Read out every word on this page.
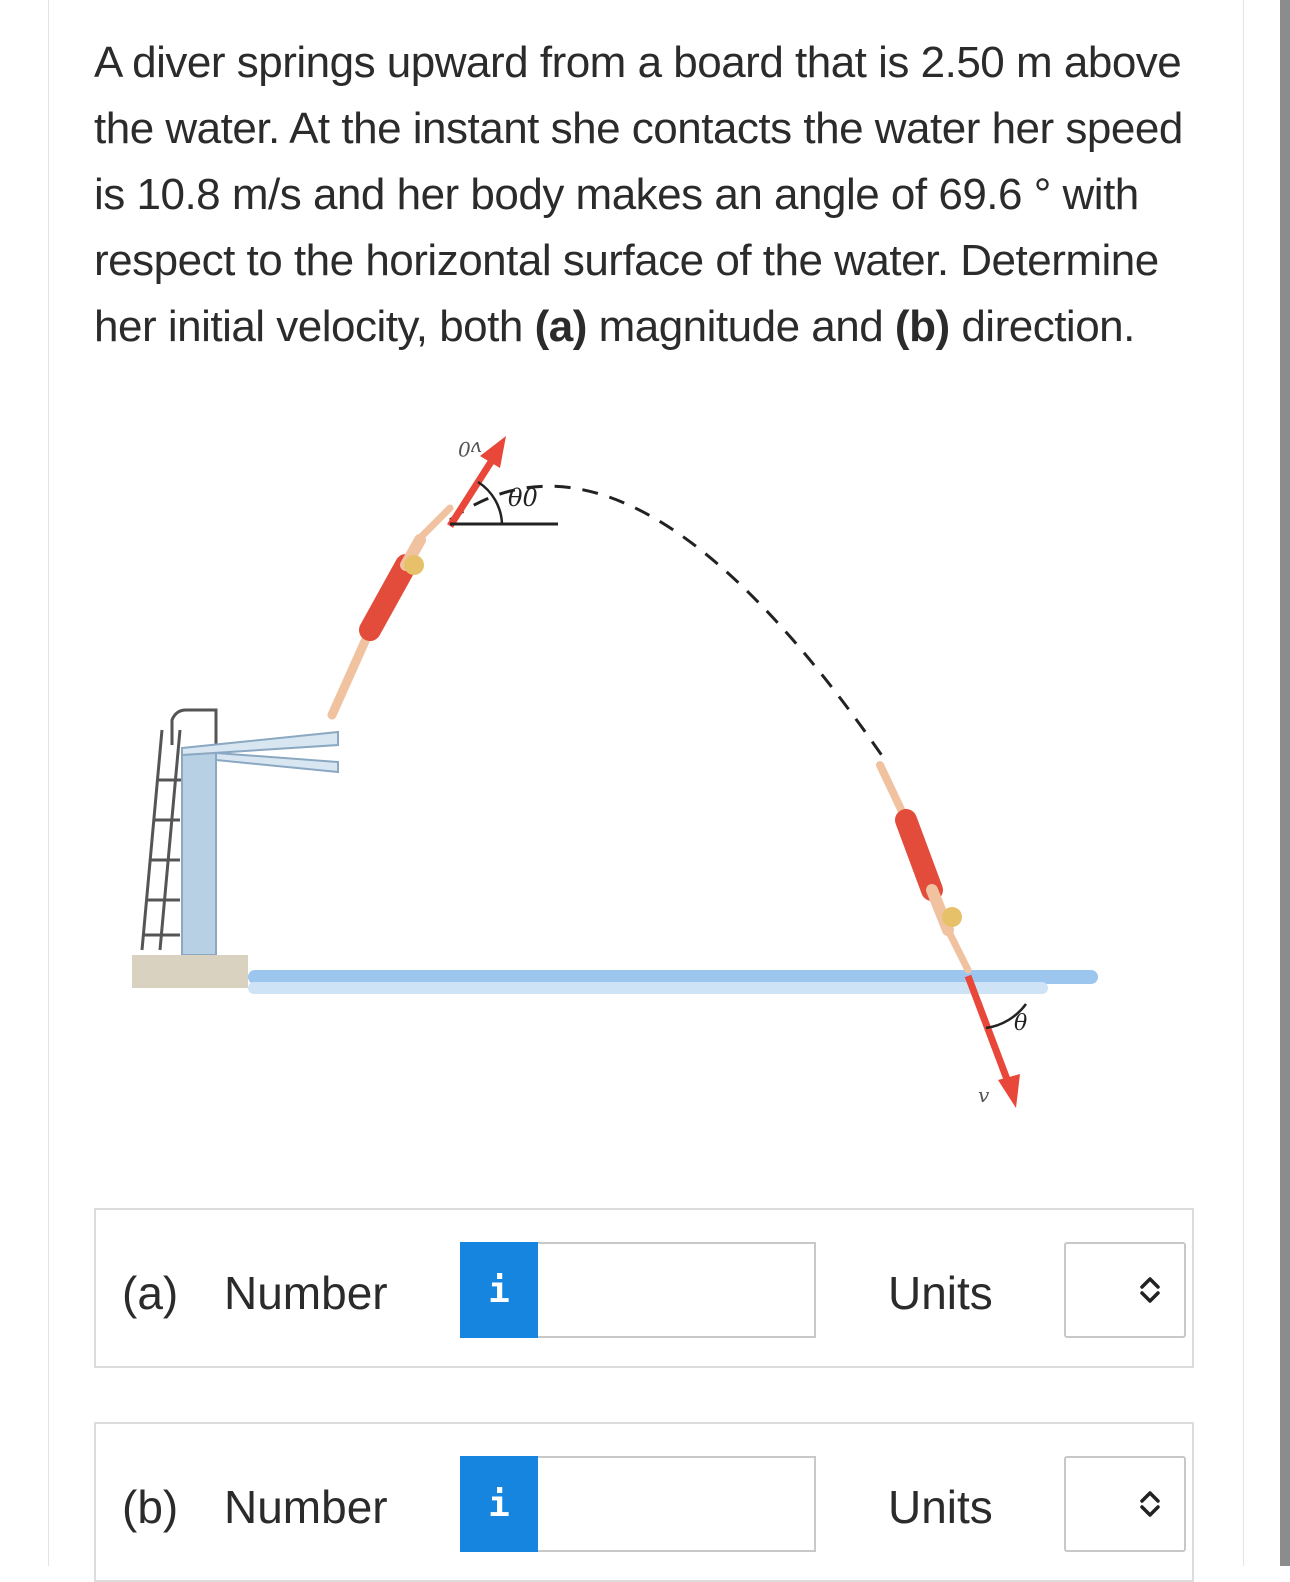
A diver springs upward from a board that is 2.50 m above the water. At the instant she contacts the water her speed is 10.8 m/s and her body makes an angle of 69.6 ° with respect to the horizontal surface of the water. Determine her initial velocity, both (a) magnitude and (b) direction.
v0
θ0
θ
v
(a) Number	i	Units
(b) Number	i	Units
